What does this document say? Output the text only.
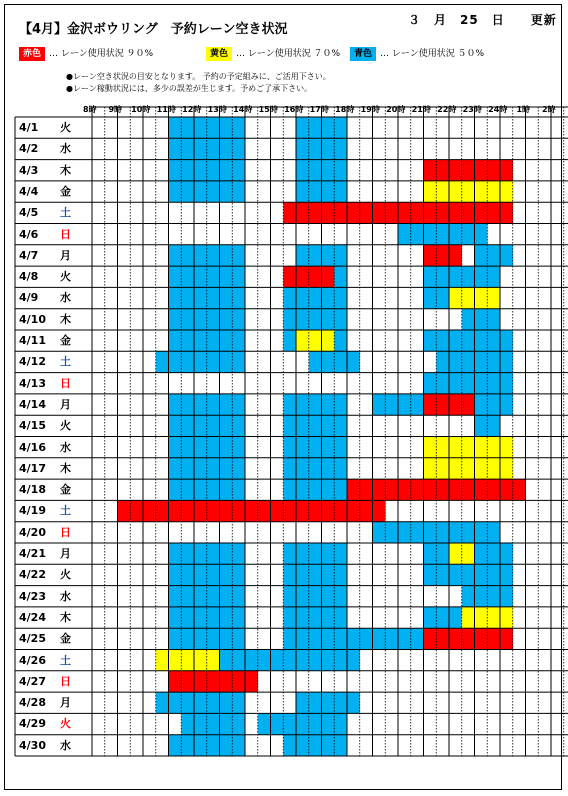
【4月】金沢ボウリング　予約レーン空き状況
３　月　25　日　　更新
赤色 … レーン使用状況 ９０%	黄色 … レーン使用状況 ７０%	青色 … レーン使用状況 ５０%
●レーン空き状況の目安となります。 予約の予定組みに、ご活用下さい。
●レーン稼動状況には、多少の誤差が生じます。予めご了承下さい。
8時 9時 10時 11時 12時 13時 14時 15時 16時 17時 18時 19時 20時 21時 22時 23時 24時 1時 2時
4/1 火
4/2 水
4/3 木
4/4 金
4/5 土
4/6 日
4/7 月
4/8 火
4/9 水
4/10 木
4/11 金
4/12 土
4/13 日
4/14 月
4/15 火
4/16 水
4/17 木
4/18 金
4/19 土
4/20 日
4/21 月
4/22 火
4/23 水
4/24 木
4/25 金
4/26 土
4/27 日
4/28 月
4/29 火
4/30 水
